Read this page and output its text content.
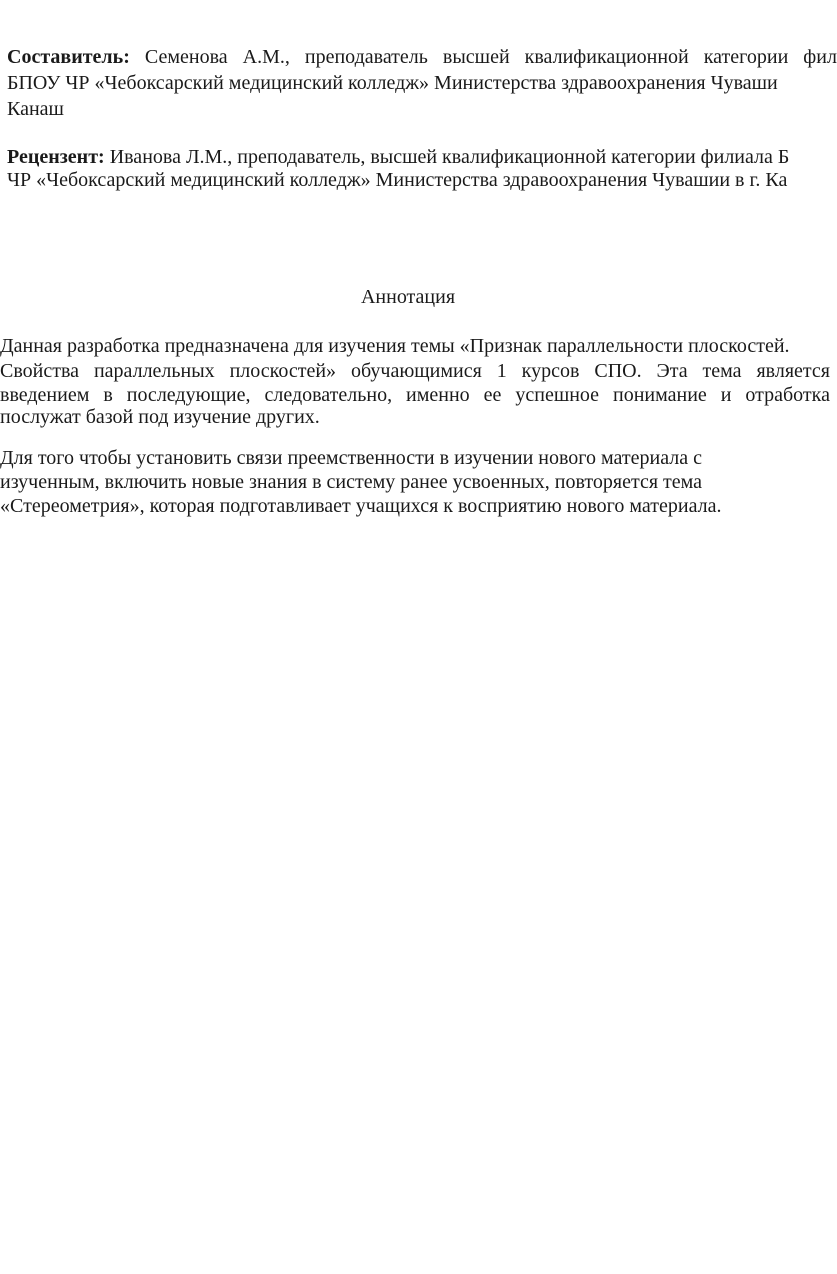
Составитель: Семенова А.М., преподаватель высшей квалификационной категории фил
БПОУ ЧР «Чебоксарский медицинский колледж» Министерства здравоохранения Чуваши
Канаш
Рецензент: Иванова Л.М., преподаватель, высшей квалификационной категории филиала Б
ЧР «Чебоксарский медицинский колледж» Министерства здравоохранения Чувашии в г. Ка
Аннотация
Данная разработка предназначена для изучения темы «Признак параллельности плоскостей.
Свойства параллельных плоскостей» обучающимися 1 курсов СПО. Эта тема является
введением в последующие, следовательно, именно ее успешное понимание и отработка
послужат базой под изучение других.
Для того чтобы установить связи преемственности в изучении нового материала с
изученным, включить новые знания в систему ранее усвоенных, повторяется тема
«Стереометрия», которая подготавливает учащихся к восприятию нового материала.
